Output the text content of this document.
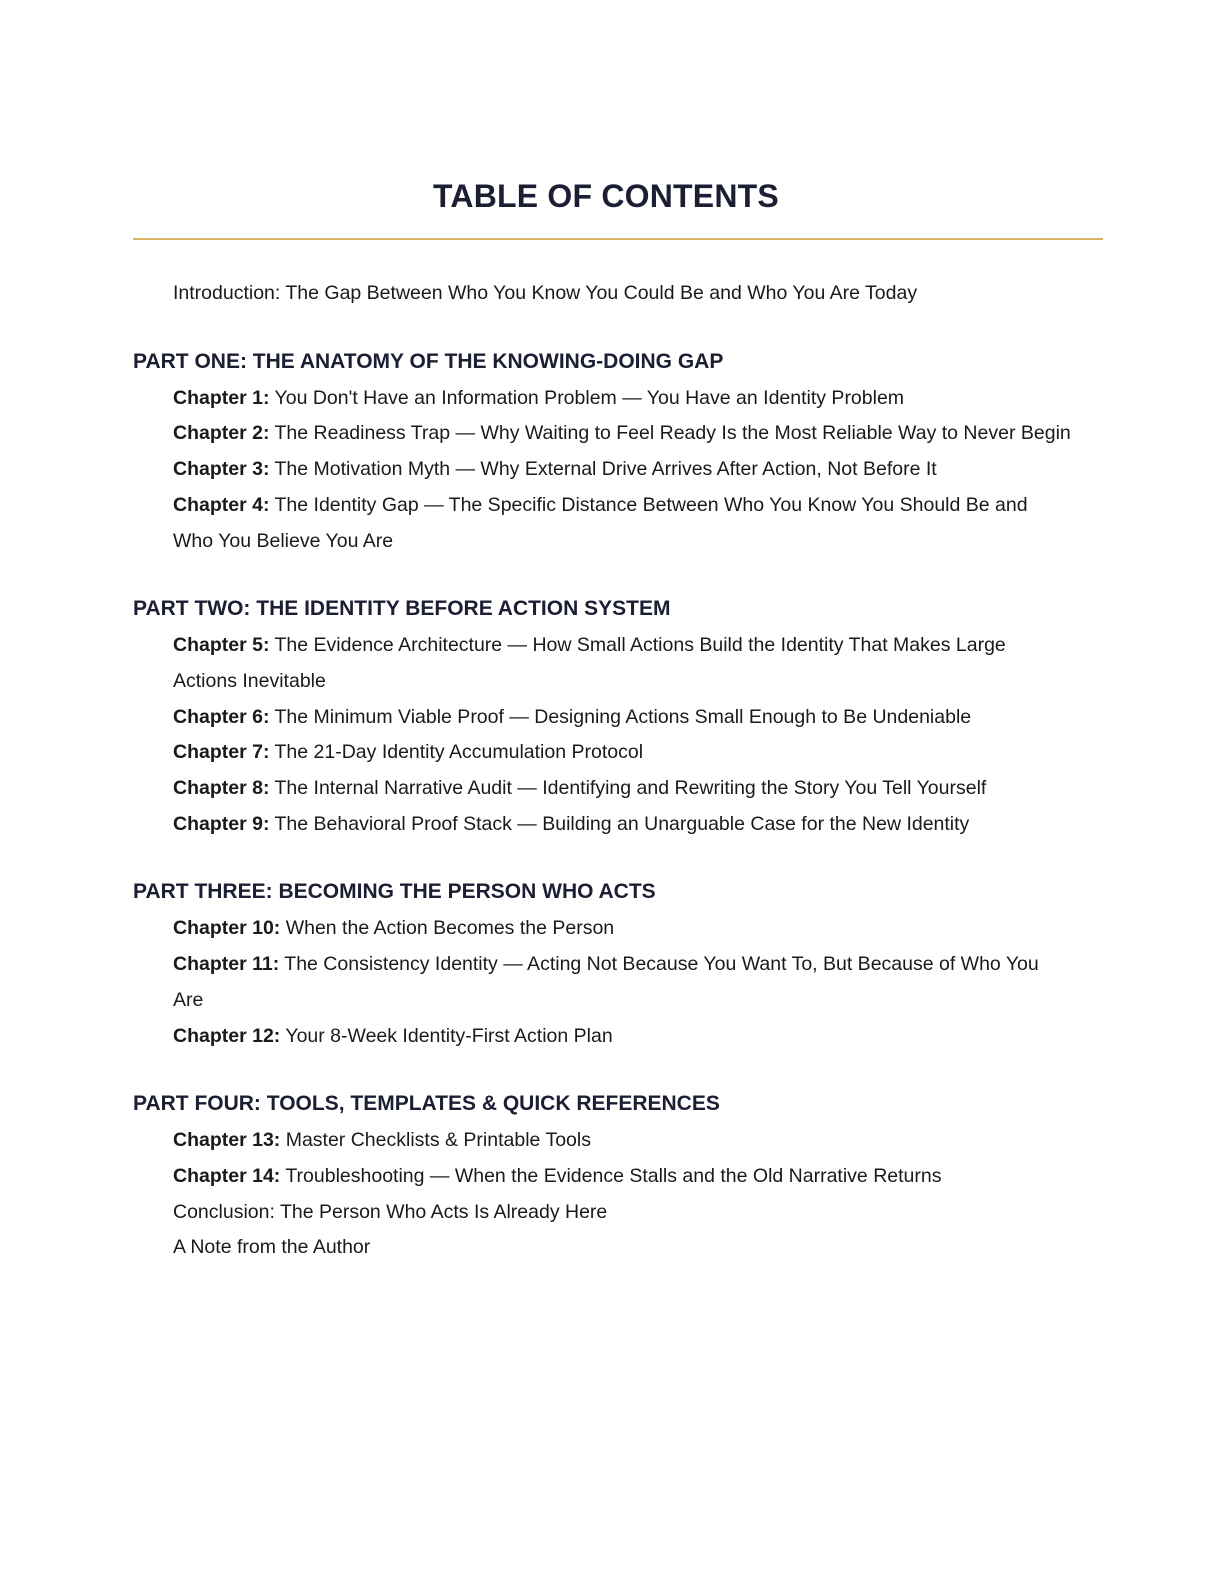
TABLE OF CONTENTS
Introduction: The Gap Between Who You Know You Could Be and Who You Are Today
PART ONE: THE ANATOMY OF THE KNOWING-DOING GAP
Chapter 1: You Don't Have an Information Problem — You Have an Identity Problem
Chapter 2: The Readiness Trap — Why Waiting to Feel Ready Is the Most Reliable Way to Never Begin
Chapter 3: The Motivation Myth — Why External Drive Arrives After Action, Not Before It
Chapter 4: The Identity Gap — The Specific Distance Between Who You Know You Should Be and Who You Believe You Are
PART TWO: THE IDENTITY BEFORE ACTION SYSTEM
Chapter 5: The Evidence Architecture — How Small Actions Build the Identity That Makes Large Actions Inevitable
Chapter 6: The Minimum Viable Proof — Designing Actions Small Enough to Be Undeniable
Chapter 7: The 21-Day Identity Accumulation Protocol
Chapter 8: The Internal Narrative Audit — Identifying and Rewriting the Story You Tell Yourself
Chapter 9: The Behavioral Proof Stack — Building an Unarguable Case for the New Identity
PART THREE: BECOMING THE PERSON WHO ACTS
Chapter 10: When the Action Becomes the Person
Chapter 11: The Consistency Identity — Acting Not Because You Want To, But Because of Who You Are
Chapter 12: Your 8-Week Identity-First Action Plan
PART FOUR: TOOLS, TEMPLATES & QUICK REFERENCES
Chapter 13: Master Checklists & Printable Tools
Chapter 14: Troubleshooting — When the Evidence Stalls and the Old Narrative Returns
Conclusion: The Person Who Acts Is Already Here
A Note from the Author
